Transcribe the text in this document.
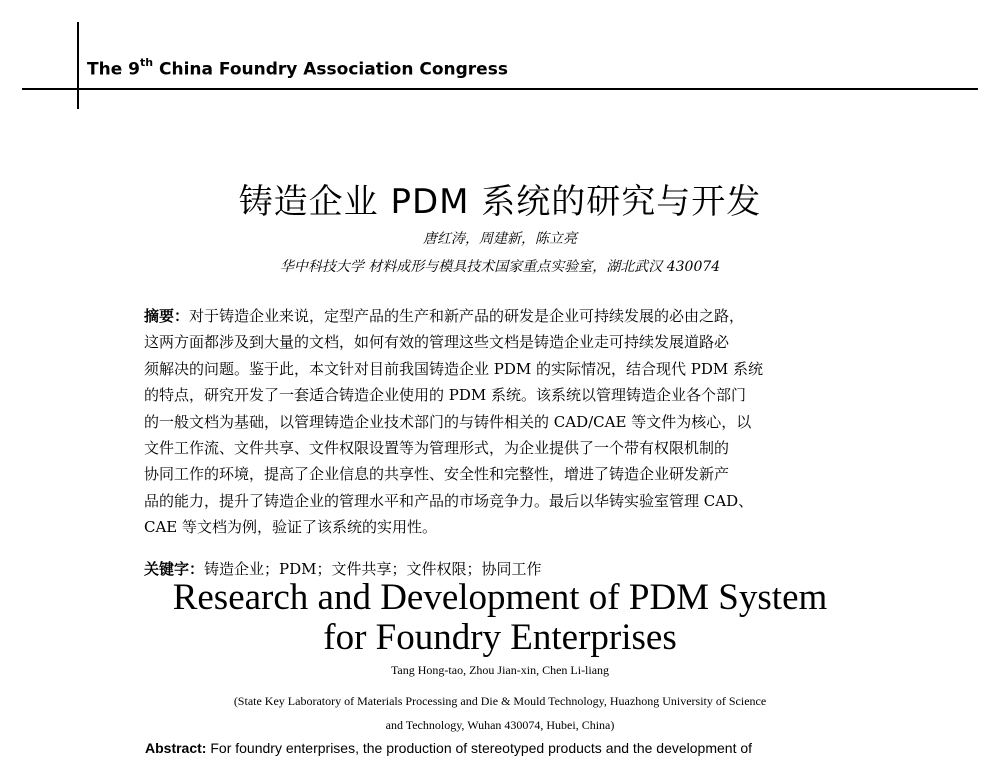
The 9th China Foundry Association Congress
铸造企业 PDM 系统的研究与开发
唐红涛，周建新，陈立亮
华中科技大学 材料成形与模具技术国家重点实验室，湖北武汉 430074
摘要：对于铸造企业来说，定型产品的生产和新产品的研发是企业可持续发展的必由之路，
这两方面都涉及到大量的文档，如何有效的管理这些文档是铸造企业走可持续发展道路必
须解决的问题。鉴于此，本文针对目前我国铸造企业 PDM 的实际情况，结合现代 PDM 系统
的特点，研究开发了一套适合铸造企业使用的 PDM 系统。该系统以管理铸造企业各个部门
的一般文档为基础，以管理铸造企业技术部门的与铸件相关的 CAD/CAE 等文件为核心，以
文件工作流、文件共享、文件权限设置等为管理形式，为企业提供了一个带有权限机制的
协同工作的环境，提高了企业信息的共享性、安全性和完整性，增进了铸造企业研发新产
品的能力，提升了铸造企业的管理水平和产品的市场竞争力。最后以华铸实验室管理 CAD、
CAE 等文档为例，验证了该系统的实用性。
关键字：铸造企业；PDM；文件共享；文件权限；协同工作
Research and Development of PDM System
for Foundry Enterprises
Tang Hong-tao, Zhou Jian-xin, Chen Li-liang
(State Key Laboratory of Materials Processing and Die & Mould Technology, Huazhong University of Science
and Technology, Wuhan 430074, Hubei, China)
Abstract: For foundry enterprises, the production of stereotyped products and the development of
